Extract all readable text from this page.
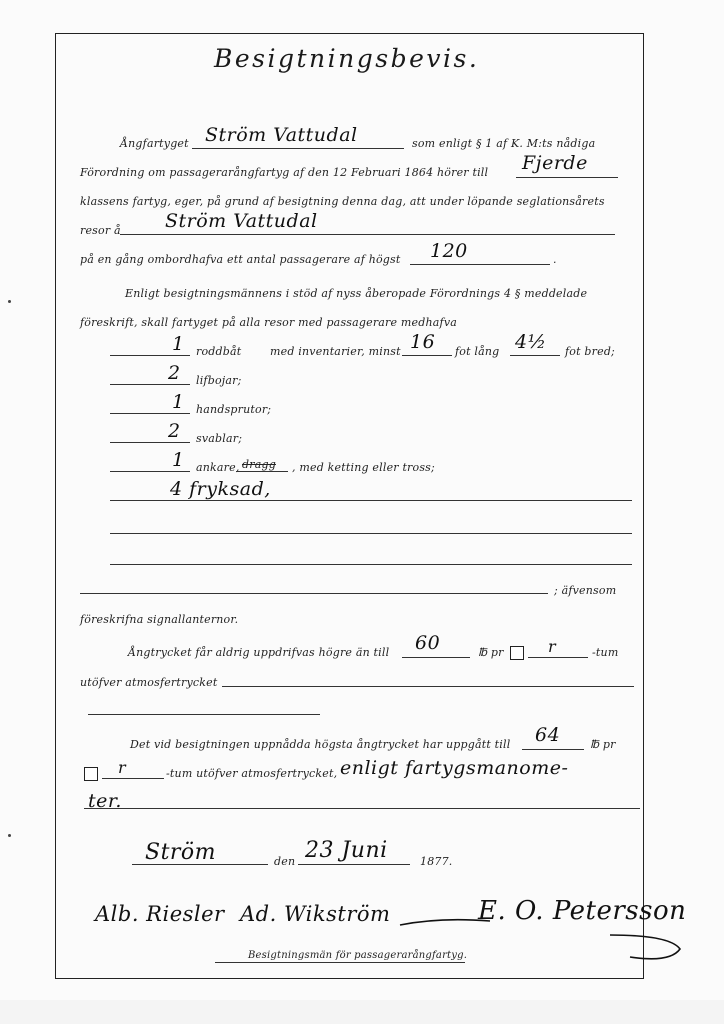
Besigtningsbevis.
Ångfartyget Ström Vattudal	som enligt § 1 af K. M:ts nådiga
Förordning om passagerarångfartyg af den 12 Februari 1864 hörer till Fjerde
klassens fartyg, eger, på grund af besigtning denna dag, att under löpande seglationsårets
resor å Ström Vattudal
på en gång ombordhafva ett antal passagerare af högst 120	.
Enligt besigtningsmännens i stöd af nyss åberopade Förordnings 4 § meddelade
föreskrift, skall fartyget på alla resor med passagerare medhafva
1 roddbåt	med inventarier, minst 16 fot lång 4½ fot bred;
2 lifbojar;
1 handsprutor;
2 svablar;
1 ankare, dragg , med ketting eller tross;
4 fryksad,
; äfvensom
föreskrifna signallanternor.
Ångtrycket får aldrig uppdrifvas högre än till 60	℔ pr	r	-tum
utöfver atmosfertrycket
Det vid besigtningen uppnådda högsta ångtrycket har uppgått till 64	℔ pr
r	-tum utöfver atmosfertrycket, enligt fartygsmanome-
ter.
Ström	den 23 Juni	1877.
Alb. Riesler Ad. Wikström	E. O. Petersson
Besigtningsmän för passagerarångfartyg.
